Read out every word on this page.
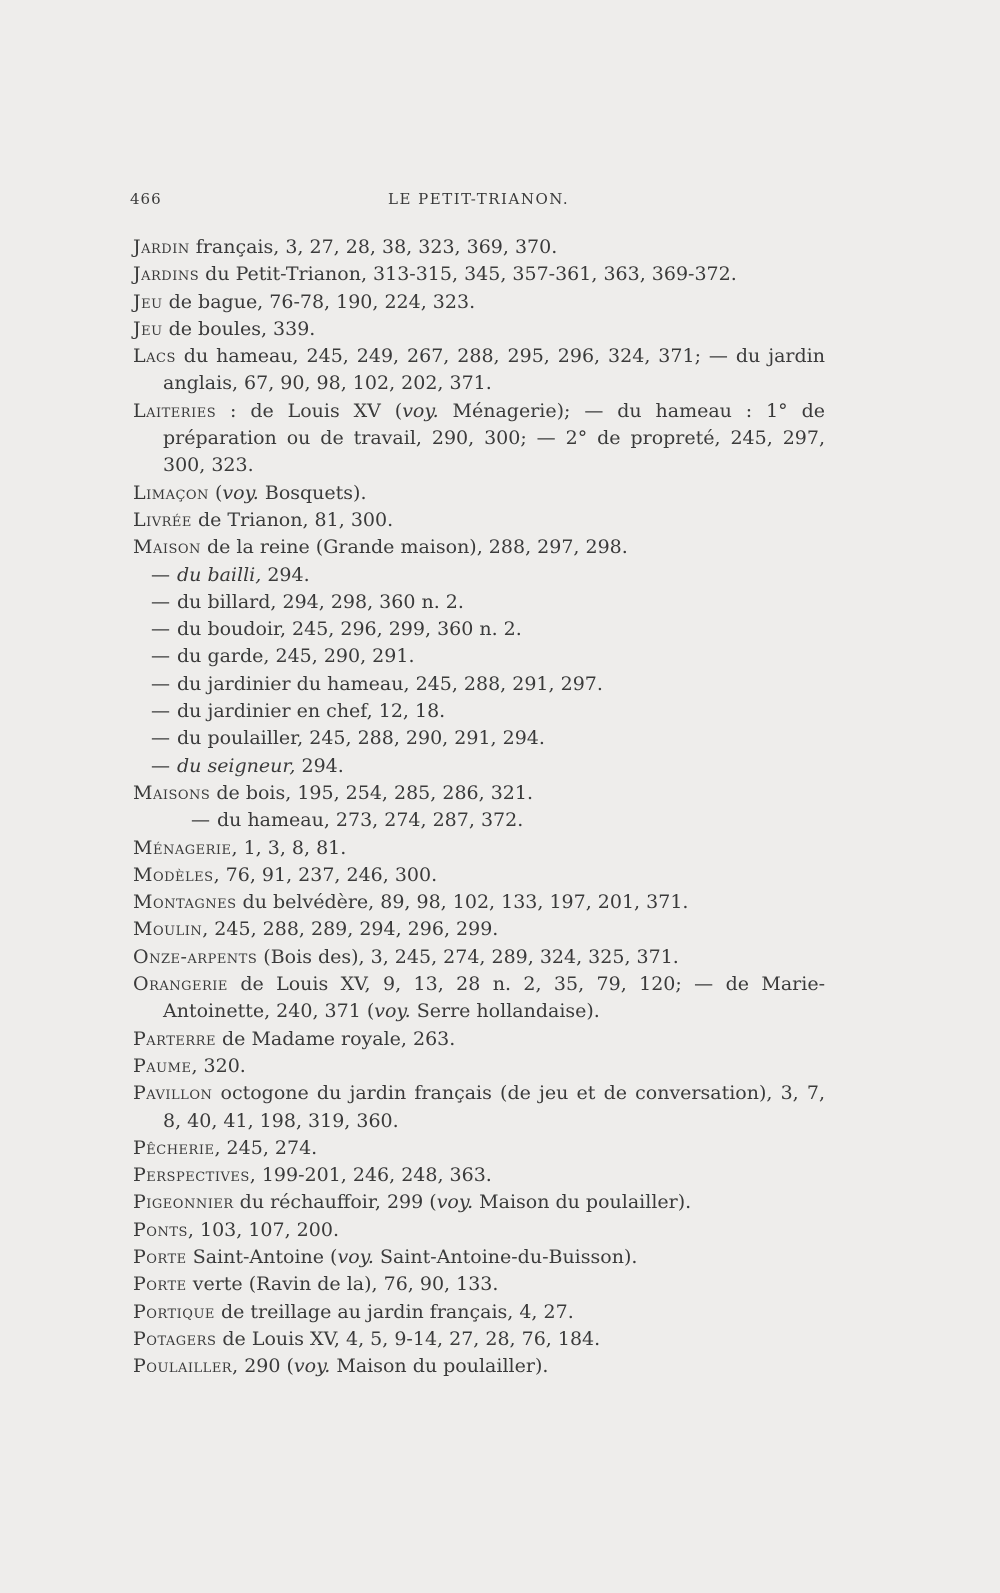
466	LE PETIT-TRIANON.
Jardin français, 3, 27, 28, 38, 323, 369, 370.
Jardins du Petit-Trianon, 313-315, 345, 357-361, 363, 369-372.
Jeu de bague, 76-78, 190, 224, 323.
Jeu de boules, 339.
Lacs du hameau, 245, 249, 267, 288, 295, 296, 324, 371; — du jardin anglais, 67, 90, 98, 102, 202, 371.
Laiteries : de Louis XV (voy. Ménagerie); — du hameau : 1° de préparation ou de travail, 290, 300; — 2° de propreté, 245, 297, 300, 323.
Limaçon (voy. Bosquets).
Livrée de Trianon, 81, 300.
Maison de la reine (Grande maison), 288, 297, 298.
— du bailli, 294.
— du billard, 294, 298, 360 n. 2.
— du boudoir, 245, 296, 299, 360 n. 2.
— du garde, 245, 290, 291.
— du jardinier du hameau, 245, 288, 291, 297.
— du jardinier en chef, 12, 18.
— du poulailler, 245, 288, 290, 291, 294.
— du seigneur, 294.
Maisons de bois, 195, 254, 285, 286, 321.
— du hameau, 273, 274, 287, 372.
Ménagerie, 1, 3, 8, 81.
Modèles, 76, 91, 237, 246, 300.
Montagnes du belvédère, 89, 98, 102, 133, 197, 201, 371.
Moulin, 245, 288, 289, 294, 296, 299.
Onze-arpents (Bois des), 3, 245, 274, 289, 324, 325, 371.
Orangerie de Louis XV, 9, 13, 28 n. 2, 35, 79, 120; — de Marie-Antoinette, 240, 371 (voy. Serre hollandaise).
Parterre de Madame royale, 263.
Paume, 320.
Pavillon octogone du jardin français (de jeu et de conversation), 3, 7, 8, 40, 41, 198, 319, 360.
Pêcherie, 245, 274.
Perspectives, 199-201, 246, 248, 363.
Pigeonnier du réchauffoir, 299 (voy. Maison du poulailler).
Ponts, 103, 107, 200.
Porte Saint-Antoine (voy. Saint-Antoine-du-Buisson).
Porte verte (Ravin de la), 76, 90, 133.
Portique de treillage au jardin français, 4, 27.
Potagers de Louis XV, 4, 5, 9-14, 27, 28, 76, 184.
Poulailler, 290 (voy. Maison du poulailler).
